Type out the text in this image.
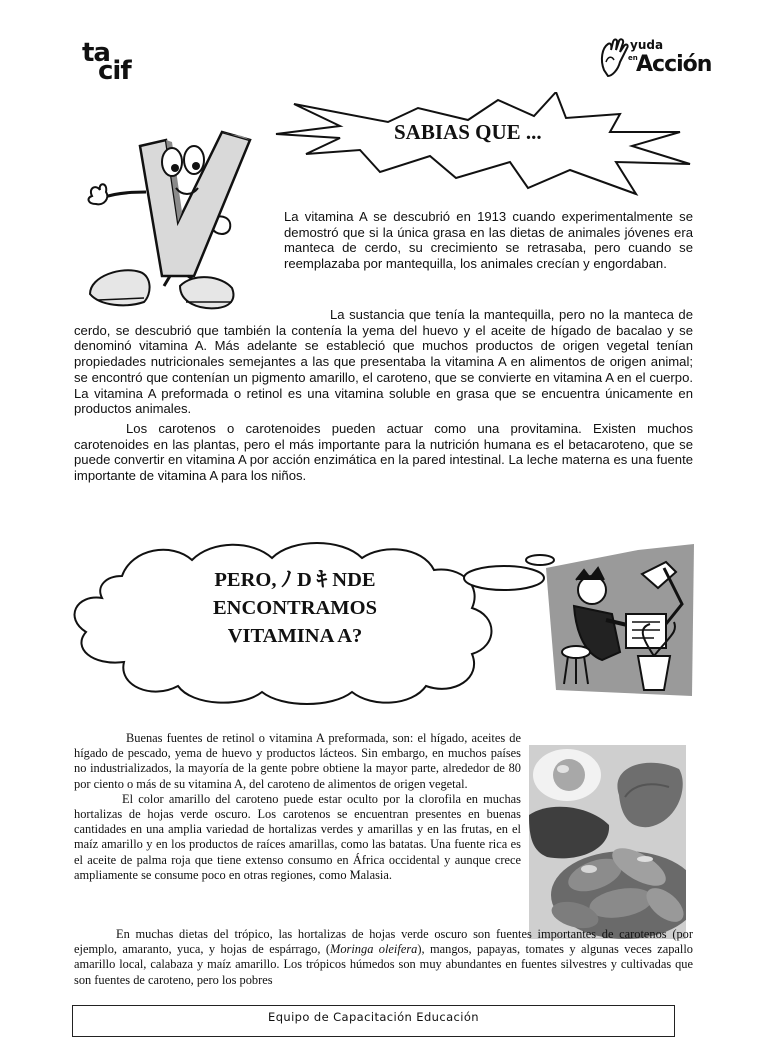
ta
cif
yuda
en
Acción
SABIAS QUE ...

La vitamina A se descubrió en 1913 cuando experimentalmente se demostró que si la única grasa en las dietas de animales jóvenes era manteca de cerdo, su crecimiento se retrasaba, pero cuando se reemplazaba por mantequilla, los animales crecían y engordaban.

La sustancia que tenía la mantequilla, pero no la manteca de cerdo, se descubrió que también la contenía la yema del huevo y el aceite de hígado de bacalao y se denominó vitamina A. Más adelante se estableció que muchos productos de origen vegetal tenían propiedades nutricionales semejantes a las que presentaba la vitamina A en alimentos de origen animal; se encontró que contenían un pigmento amarillo, el caroteno, que se convierte en vitamina A en el cuerpo. La vitamina A preformada o retinol es una vitamina soluble en grasa que se encuentra únicamente en productos animales.

Los carotenos o carotenoides pueden actuar como una provitamina. Existen muchos carotenoides en las plantas, pero el más importante para la nutrición humana es el betacaroteno, que se puede convertir en vitamina A por acción enzimática en la pared intestinal. La leche materna es una fuente importante de vitamina A para los niños.

PERO, ﾉ D ｷ NDE
ENCONTRAMOS
VITAMINA A?

Buenas fuentes de retinol o vitamina A preformada, son: el hígado, aceites de hígado de pescado, yema de huevo y productos lácteos. Sin embargo, en muchos países no industrializados, la mayoría de la gente pobre obtiene la mayor parte, alrededor de 80 por ciento o más de su vitamina A, del caroteno de alimentos de origen vegetal.

El color amarillo del caroteno puede estar oculto por la clorofila en muchas hortalizas de hojas verde oscuro. Los carotenos se encuentran presentes en buenas cantidades en una amplia variedad de hortalizas verdes y amarillas y en las frutas, en el maíz amarillo y en los productos de raíces amarillas, como las batatas. Una fuente rica es el aceite de palma roja que tiene extenso consumo en África occidental y aunque crece ampliamente se consume poco en otras regiones, como Malasia.

En muchas dietas del trópico, las hortalizas de hojas verde oscuro son fuentes importantes de carotenos (por ejemplo, amaranto, yuca, y hojas de espárrago, (Moringa oleifera), mangos, papayas, tomates y algunas veces zapallo amarillo local, calabaza y maíz amarillo. Los trópicos húmedos son muy abundantes en fuentes silvestres y cultivadas que son fuentes de caroteno, pero los pobres

Equipo de Capacitación Educación
